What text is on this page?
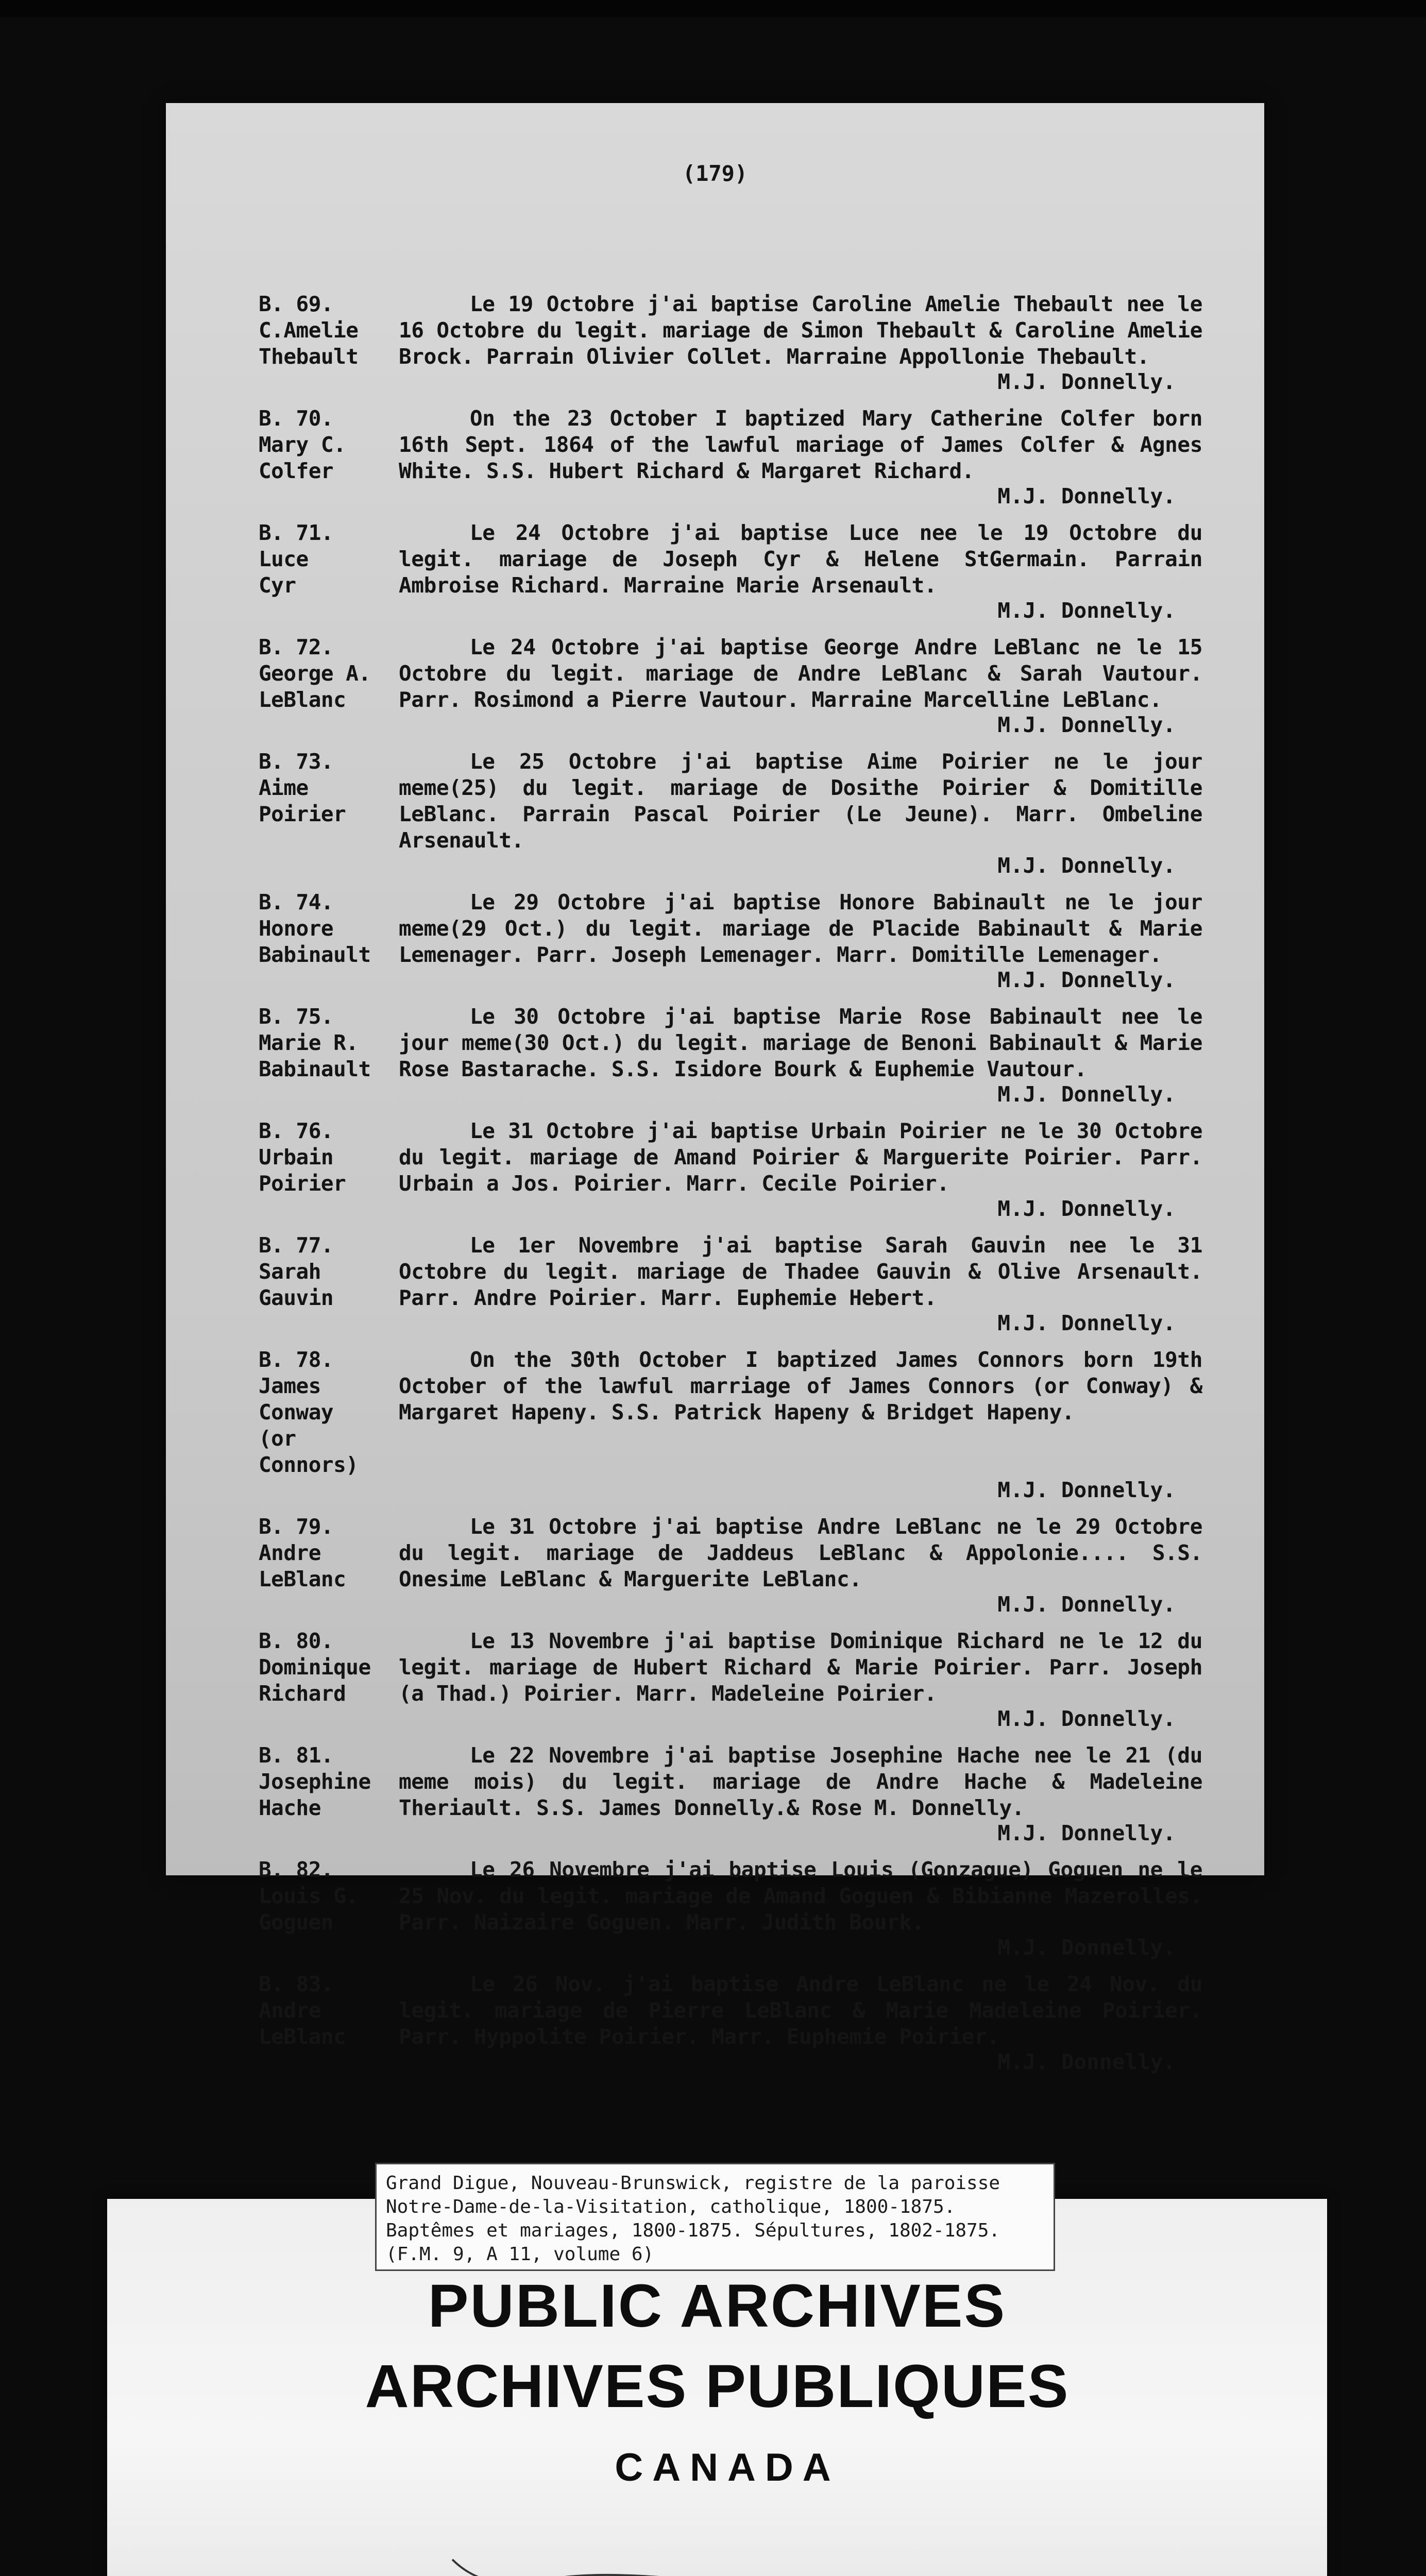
(179)
B. 69.
C.Amelie
Thebault
Le 19 Octobre j'ai baptise Caroline Amelie Thebault nee le 16 Octobre du legit. mariage de Simon Thebault & Caroline Amelie Brock. Parrain Olivier Collet. Marraine Appollonie Thebault.
M.J. Donnelly.
B. 70.
Mary C.
Colfer
On the 23 October I baptized Mary Catherine Colfer born 16th Sept. 1864 of the lawful mariage of James Colfer & Agnes White. S.S. Hubert Richard & Margaret Richard.
M.J. Donnelly.
B. 71.
Luce
Cyr
Le 24 Octobre j'ai baptise Luce nee le 19 Octobre du legit. mariage de Joseph Cyr & Helene StGermain. Parrain Ambroise Richard. Marraine Marie Arsenault.
M.J. Donnelly.
B. 72.
George A.
LeBlanc
Le 24 Octobre j'ai baptise George Andre LeBlanc ne le 15 Octobre du legit. mariage de Andre LeBlanc & Sarah Vautour. Parr. Rosimond a Pierre Vautour. Marraine Marcelline LeBlanc.
M.J. Donnelly.
B. 73.
Aime
Poirier
Le 25 Octobre j'ai baptise Aime Poirier ne le jour meme(25) du legit. mariage de Dosithe Poirier & Domitille LeBlanc. Parrain Pascal Poirier (Le Jeune). Marr. Ombeline Arsenault.
M.J. Donnelly.
B. 74.
Honore
Babinault
Le 29 Octobre j'ai baptise Honore Babinault ne le jour meme(29 Oct.) du legit. mariage de Placide Babinault & Marie Lemenager. Parr. Joseph Lemenager. Marr. Domitille Lemenager.
M.J. Donnelly.
B. 75.
Marie R.
Babinault
Le 30 Octobre j'ai baptise Marie Rose Babinault nee le jour meme(30 Oct.) du legit. mariage de Benoni Babinault & Marie Rose Bastarache. S.S. Isidore Bourk & Euphemie Vautour.
M.J. Donnelly.
B. 76.
Urbain
Poirier
Le 31 Octobre j'ai baptise Urbain Poirier ne le 30 Octobre du legit. mariage de Amand Poirier & Marguerite Poirier. Parr. Urbain a Jos. Poirier. Marr. Cecile Poirier.
M.J. Donnelly.
B. 77.
Sarah
Gauvin
Le 1er Novembre j'ai baptise Sarah Gauvin nee le 31 Octobre du legit. mariage de Thadee Gauvin & Olive Arsenault. Parr. Andre Poirier. Marr. Euphemie Hebert.
M.J. Donnelly.
B. 78.
James
Conway
(or Connors)
On the 30th October I baptized James Connors born 19th October of the lawful marriage of James Connors (or Conway) & Margaret Hapeny. S.S. Patrick Hapeny & Bridget Hapeny.
M.J. Donnelly.
B. 79.
Andre
LeBlanc
Le 31 Octobre j'ai baptise Andre LeBlanc ne le 29 Octobre du legit. mariage de Jaddeus LeBlanc & Appolonie.... S.S. Onesime LeBlanc & Marguerite LeBlanc.
M.J. Donnelly.
B. 80.
Dominique
Richard
Le 13 Novembre j'ai baptise Dominique Richard ne le 12 du legit. mariage de Hubert Richard & Marie Poirier. Parr. Joseph (a Thad.) Poirier. Marr. Madeleine Poirier.
M.J. Donnelly.
B. 81.
Josephine
Hache
Le 22 Novembre j'ai baptise Josephine Hache nee le 21 (du meme mois) du legit. mariage de Andre Hache & Madeleine Theriault. S.S. James Donnelly.& Rose M. Donnelly.
M.J. Donnelly.
B. 82.
Louis G.
Goguen
Le 26 Novembre j'ai baptise Louis (Gonzague) Goguen ne le 25 Nov. du legit. mariage de Amand Goguen & Bibianne Mazerolles. Parr. Naizaire Goguen. Marr. Judith Bourk.
M.J. Donnelly.
B. 83.
Andre
LeBlanc
Le 26 Nov. j'ai baptise Andre LeBlanc ne le 24 Nov. du legit. mariage de Pierre LeBlanc & Marie Madeleine Poirier. Parr. Hyppolite Poirier. Marr. Euphemie Poirier.
M.J. Donnelly.
Grand Digue, Nouveau-Brunswick, registre de la paroisse
Notre-Dame-de-la-Visitation, catholique, 1800-1875.
Baptêmes et mariages, 1800-1875. Sépultures, 1802-1875.
(F.M. 9, A 11, volume 6)
PUBLIC ARCHIVES
ARCHIVES PUBLIQUES
CANADA
